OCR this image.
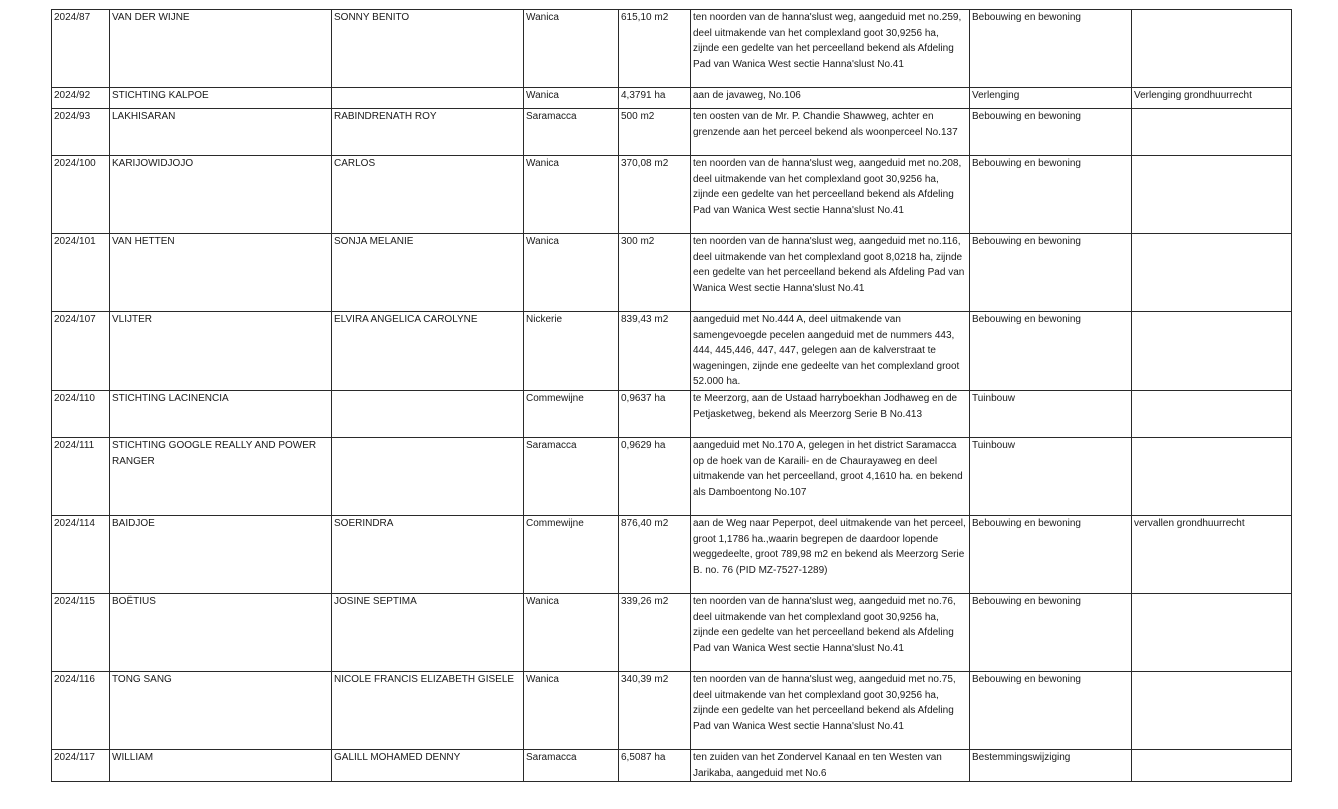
2024/87	VAN DER WIJNE	SONNY BENITO	Wanica	615,10 m2	ten noorden van de hanna'slust weg, aangeduid met no.259, deel uitmakende van het complexland goot 30,9256 ha, zijnde een gedelte van het perceelland bekend als Afdeling Pad van Wanica West sectie Hanna'slust No.41	Bebouwing en bewoning	
2024/92	STICHTING KALPOE		Wanica	4,3791 ha	aan de javaweg, No.106	Verlenging	Verlenging grondhuurrecht
2024/93	LAKHISARAN	RABINDRENATH ROY	Saramacca	500 m2	ten oosten van de Mr. P. Chandie Shawweg, achter en grenzende aan het perceel bekend als woonperceel No.137	Bebouwing en bewoning	
2024/100	KARIJOWIDJOJO	CARLOS	Wanica	370,08 m2	ten noorden van de hanna'slust weg, aangeduid met no.208, deel uitmakende van het complexland goot 30,9256 ha, zijnde een gedelte van het perceelland bekend als Afdeling Pad van Wanica West sectie Hanna'slust No.41	Bebouwing en bewoning	
2024/101	VAN HETTEN	SONJA MELANIE	Wanica	300 m2	ten noorden van de hanna'slust weg, aangeduid met no.116, deel uitmakende van het complexland goot 8,0218 ha, zijnde een gedelte van het perceelland bekend als Afdeling Pad van Wanica West sectie Hanna'slust No.41	Bebouwing en bewoning	
2024/107	VLIJTER	ELVIRA ANGELICA CAROLYNE	Nickerie	839,43 m2	aangeduid met No.444 A, deel uitmakende van samengevoegde pecelen aangeduid met de nummers 443, 444, 445,446, 447, 447, gelegen aan de kalverstraat te wageningen, zijnde ene gedeelte van het complexland groot 52.000 ha.	Bebouwing en bewoning	
2024/110	STICHTING LACINENCIA		Commewijne	0,9637 ha	te Meerzorg, aan de Ustaad harryboekhan Jodhaweg en de Petjasketweg, bekend als Meerzorg Serie B No.413	Tuinbouw	
2024/111	STICHTING GOOGLE REALLY AND POWER RANGER		Saramacca	0,9629 ha	aangeduid met No.170 A, gelegen in het district Saramacca op de hoek van de Karaili- en de Chaurayaweg en deel uitmakende van het perceelland, groot 4,1610 ha. en bekend als Damboentong No.107	Tuinbouw	
2024/114	BAIDJOE	SOERINDRA	Commewijne	876,40 m2	aan de Weg naar Peperpot, deel uitmakende van het perceel, groot 1,1786 ha.,waarin begrepen de daardoor lopende weggedeelte, groot 789,98 m2 en bekend als Meerzorg Serie B. no. 76 (PID MZ-7527-1289)	Bebouwing en bewoning	vervallen grondhuurrecht
2024/115	BOËTIUS	JOSINE SEPTIMA	Wanica	339,26 m2	ten noorden van de hanna'slust weg, aangeduid met no.76, deel uitmakende van het complexland goot 30,9256 ha, zijnde een gedelte van het perceelland bekend als Afdeling Pad van Wanica West sectie Hanna'slust No.41	Bebouwing en bewoning	
2024/116	TONG SANG	NICOLE FRANCIS ELIZABETH GISELE	Wanica	340,39 m2	ten noorden van de hanna'slust weg, aangeduid met no.75, deel uitmakende van het complexland goot 30,9256 ha, zijnde een gedelte van het perceelland bekend als Afdeling Pad van Wanica West sectie Hanna'slust No.41	Bebouwing en bewoning	
2024/117	WILLIAM	GALILL MOHAMED DENNY	Saramacca	6,5087 ha	ten zuiden van het Zondervel Kanaal en ten Westen van Jarikaba, aangeduid met No.6	Bestemmingswijziging	
